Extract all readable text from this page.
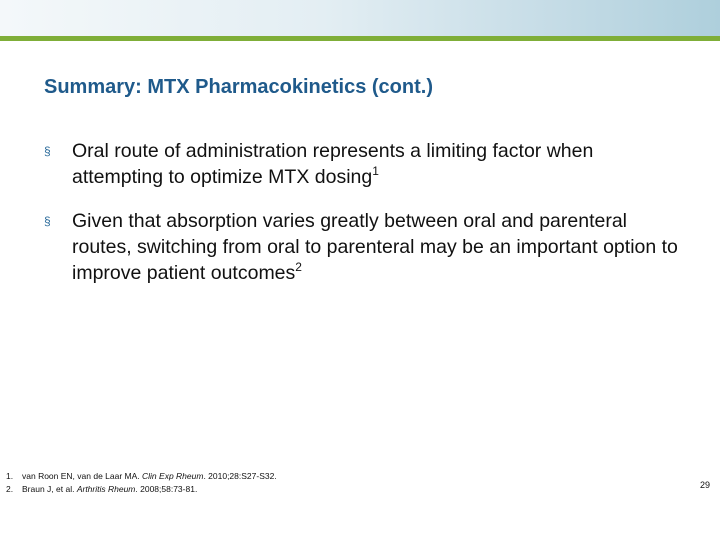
Summary: MTX Pharmacokinetics (cont.)
§ Oral route of administration represents a limiting factor when attempting to optimize MTX dosing$^1$
§ Given that absorption varies greatly between oral and parenteral routes, switching from oral to parenteral may be an important option to improve patient outcomes$^2$
1. van Roon EN, van de Laar MA. Clin Exp Rheum. 2010;28:S27-S32.
2. Braun J, et al. Arthritis Rheum. 2008;58:73-81.	29
